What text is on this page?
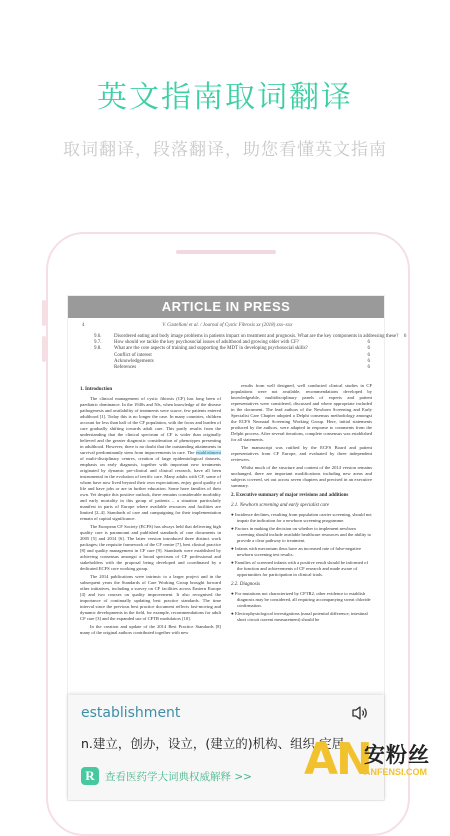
英文指南取词翻译
取词翻译，段落翻译，助您看懂英文指南
ARTICLE IN PRESS
4	V. Castellani et al. / Journal of Cystic Fibrosis xx (2018) xxx–xxx
9.6.	Disordered eating and body image problems in patients impact on treatment and prognosis. What are the key components in addressing these?	6
9.7.	How should we tackle the key psychosocial issues of adulthood and growing older with CF?	6
9.8.	What are the core aspects of training and supporting the MDT in developing psychosocial skills?	6
Conflict of interest	6
Acknowledgements	6
References	6
1. Introduction

The clinical management of cystic fibrosis (CF) has long been of paediatric dominance. In the 1940s and 50s, when knowledge of the disease pathogenesis and availability of treatments were scarce, few patients entered adulthood [1]. Today this is no longer the case. In many countries, children account for less than half of the CF population, with the focus and burden of care gradually shifting towards adult care. This partly results from the understanding that the clinical spectrum of CF is wider than originally believed and the greater diagnostic consideration of phenotypes presenting in adulthood. However, there is no doubt that the outstanding attainments in survival predominantly stem from improvements in care. The establishment of multi-disciplinary centres, creation of large epidemiological datasets, emphasis on early diagnosis, together with important new treatments originated by dynamic pre-clinical and clinical research, have all been instrumental in the evolution of terrific care. Many adults with CF, some of whom have now lived beyond their own expectations, enjoy good quality of life and have jobs or are in further education. Some have families of their own. Yet despite this positive outlook, there remains considerable morbidity and early mortality in this group of patients – a situation particularly manifest in parts of Europe where available resources and facilities are limited [2–4]. Standards of care and campaigning for their implementation remain of capital significance.

The European CF Society (ECFS) has always held that delivering high quality care is paramount and published standards of care documents in 2005 [5] and 2014 [6]. The latter version introduced three distinct work packages; the requisite framework of the CF centre [7], best clinical practice [8] and quality management in CF care [9]. Standards were established by achieving consensus amongst a broad spectrum of CF professional and stakeholders with the proposal being developed and coordinated by a dedicated ECFS core working group.

The 2014 publications were intrinsic to a larger project and in the subsequent years the Standards of Care Working Group brought forward other initiatives, including a survey on CF facilities across Eastern Europe [4] and two courses on quality improvement. It also recognised the importance of continually updating best practice standards. The time interval since the previous best practice document reflects fast-moving and dynamic developments in the field, for example, recommendations for adult CF care [3] and the expanded use of CFTR modulators [10].

In the creation and update of the 2014 Best Practice Standards [8] many of the original authors contributed together with new

results from well designed, well conducted clinical studies in CF populations were not available, recommendations developed by knowledgeable, multidisciplinary panels of experts and patient representatives were considered, discussed and where appropriate included in the document. The lead authors of the Newborn Screening and Early Specialist Care Chapter adopted a Delphi consensus methodology amongst the ECFS Neonatal Screening Working Group. Here, initial statements produced by the authors, were adapted in response to comments from the Delphi process. After several iterations, complete consensus was established for all statements.

The manuscript was ratified by the ECFS Board and patient representatives from CF Europe, and evaluated by three independent reviewers.

Whilst much of the structure and content of the 2014 version remains unchanged, there are important modifications including new areas and subjects covered, set out across seven chapters and precised in an executive summary.

2. Executive summary of major revisions and additions
2.1. Newborn screening and early specialist care
● Incidence declines, resulting from population carrier screening, should not impair the indication for a newborn screening programme.
● Factors in making the decision on whether to implement newborn screening should include available healthcare resources and the ability to provide a clear pathway to treatment.
● Infants with meconium ileus have an increased rate of false-negative newborn screening test results.
● Families of screened infants with a positive result should be informed of the function and achievements of CF research and made aware of opportunities for participation in clinical trials.
2.2. Diagnosis
● For mutations not characterized by CFTR2, other evidence to establish diagnosis may be considered, all requiring accompanying sweat chloride confirmation.
● Electrophysiological investigations (nasal potential difference, intestinal short circuit current measurement) should be
establishment
n.建立，创办，设立，(建立的)机构、组织,定居
R 查看医药学大词典权威解释 >> AN
安粉丝
ANFENSI.COM
